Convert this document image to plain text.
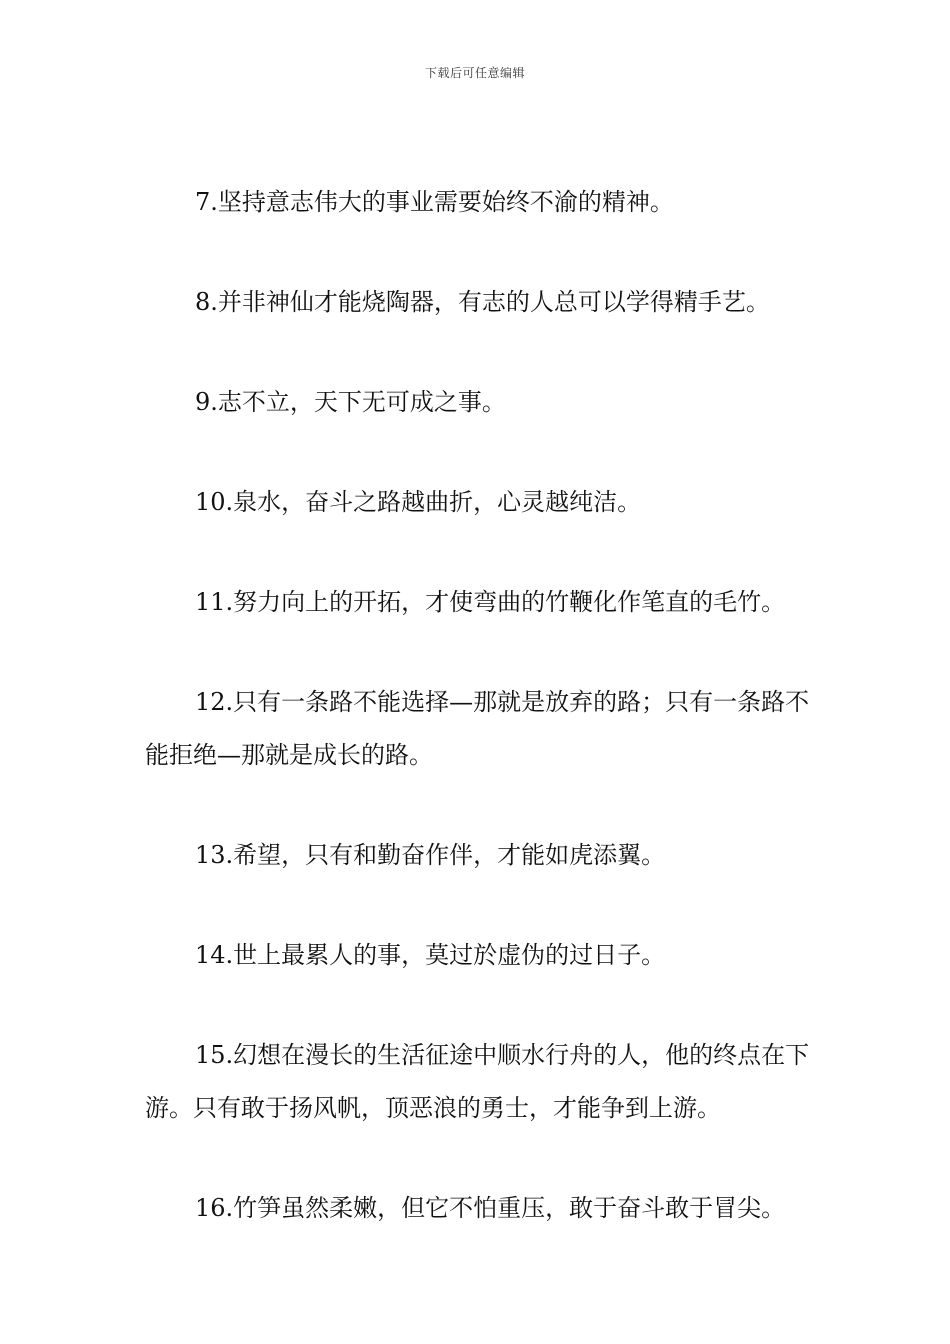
下载后可任意编辑

7.坚持意志伟大的事业需要始终不渝的精神。

8.并非神仙才能烧陶器，有志的人总可以学得精手艺。

9.志不立，天下无可成之事。

10.泉水，奋斗之路越曲折，心灵越纯洁。

11.努力向上的开拓，才使弯曲的竹鞭化作笔直的毛竹。

12.只有一条路不能选择—那就是放弃的路；只有一条路不能拒绝—那就是成长的路。

13.希望，只有和勤奋作伴，才能如虎添翼。

14.世上最累人的事，莫过於虚伪的过日子。

15.幻想在漫长的生活征途中顺水行舟的人，他的终点在下游。只有敢于扬风帆，顶恶浪的勇士，才能争到上游。

16.竹笋虽然柔嫩，但它不怕重压，敢于奋斗敢于冒尖。
